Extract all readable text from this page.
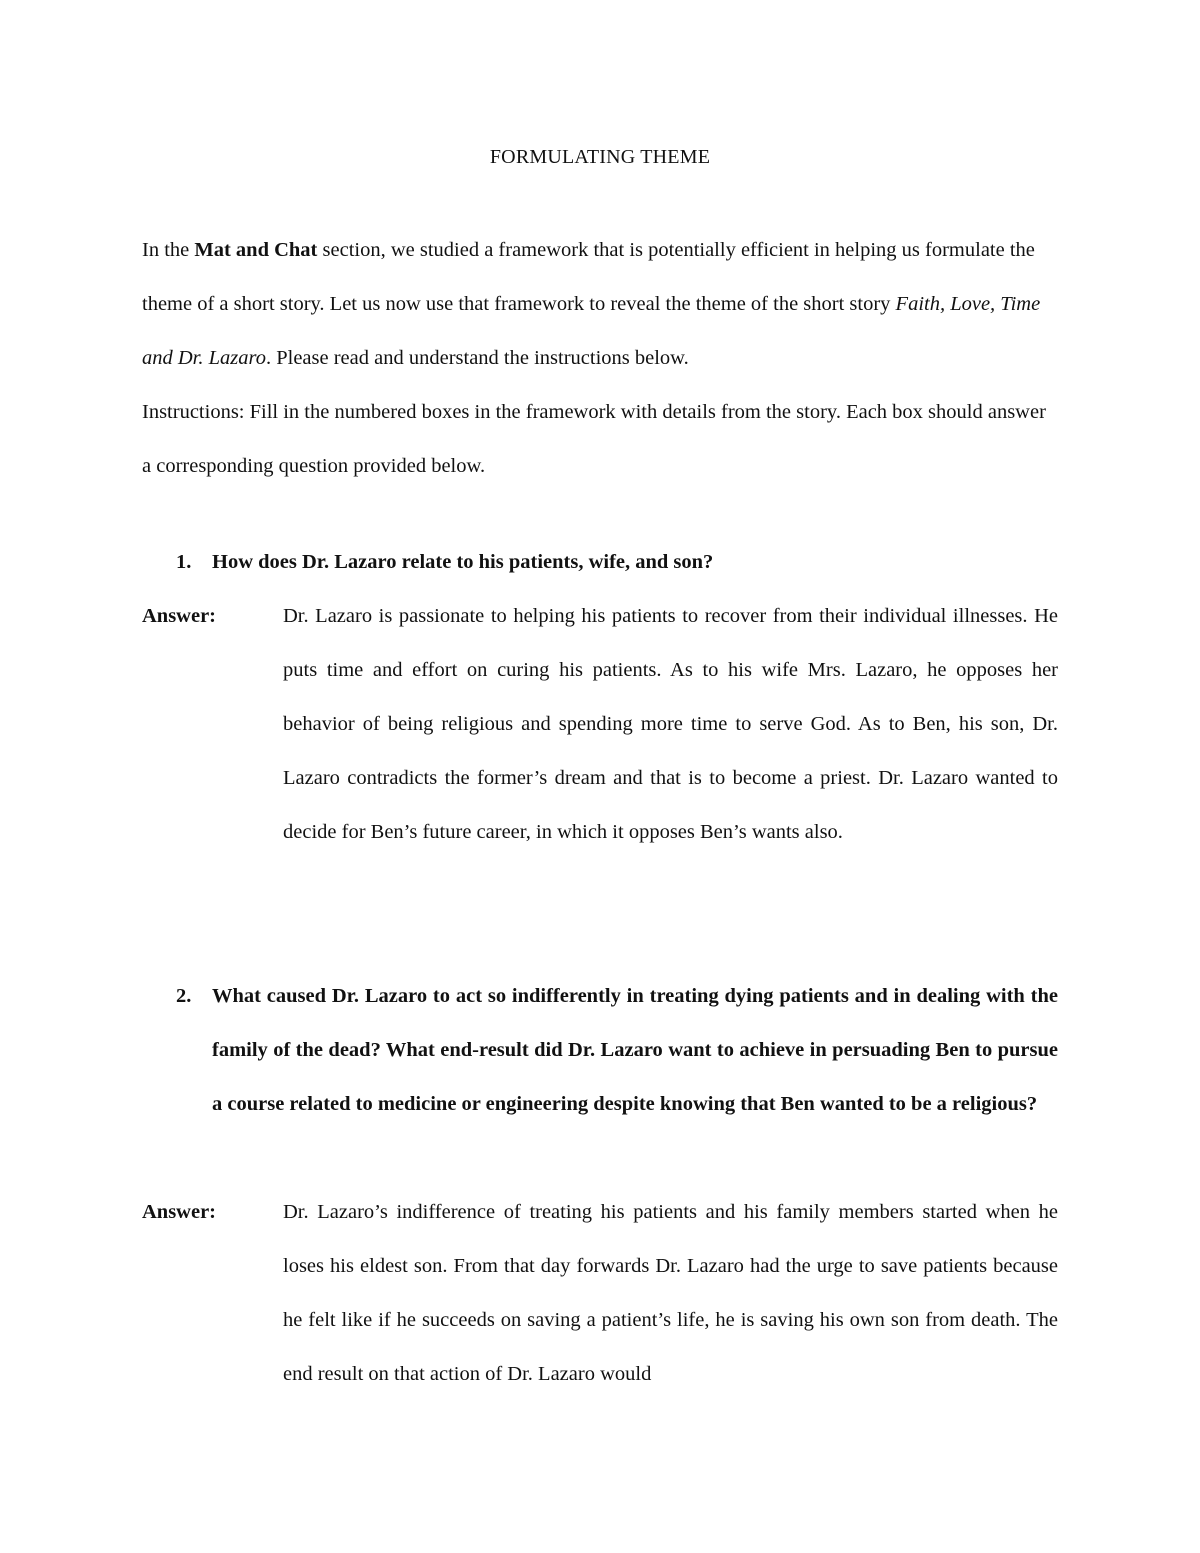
FORMULATING THEME

In the Mat and Chat section, we studied a framework that is potentially efficient in helping us formulate the theme of a short story. Let us now use that framework to reveal the theme of the short story Faith, Love, Time and Dr. Lazaro. Please read and understand the instructions below.

Instructions: Fill in the numbered boxes in the framework with details from the story. Each box should answer a corresponding question provided below.

1. How does Dr. Lazaro relate to his patients, wife, and son?
Answer:	Dr. Lazaro is passionate to helping his patients to recover from their individual illnesses. He puts time and effort on curing his patients. As to his wife Mrs. Lazaro, he opposes her behavior of being religious and spending more time to serve God. As to Ben, his son, Dr. Lazaro contradicts the former’s dream and that is to become a priest. Dr. Lazaro wanted to decide for Ben’s future career, in which it opposes Ben’s wants also.
2. What caused Dr. Lazaro to act so indifferently in treating dying patients and in dealing with the family of the dead? What end-result did Dr. Lazaro want to achieve in persuading Ben to pursue a course related to medicine or engineering despite knowing that Ben wanted to be a religious?
Answer:	Dr. Lazaro’s indifference of treating his patients and his family members started when he loses his eldest son. From that day forwards Dr. Lazaro had the urge to save patients because he felt like if he succeeds on saving a patient’s life, he is saving his own son from death. The end result on that action of Dr. Lazaro would
